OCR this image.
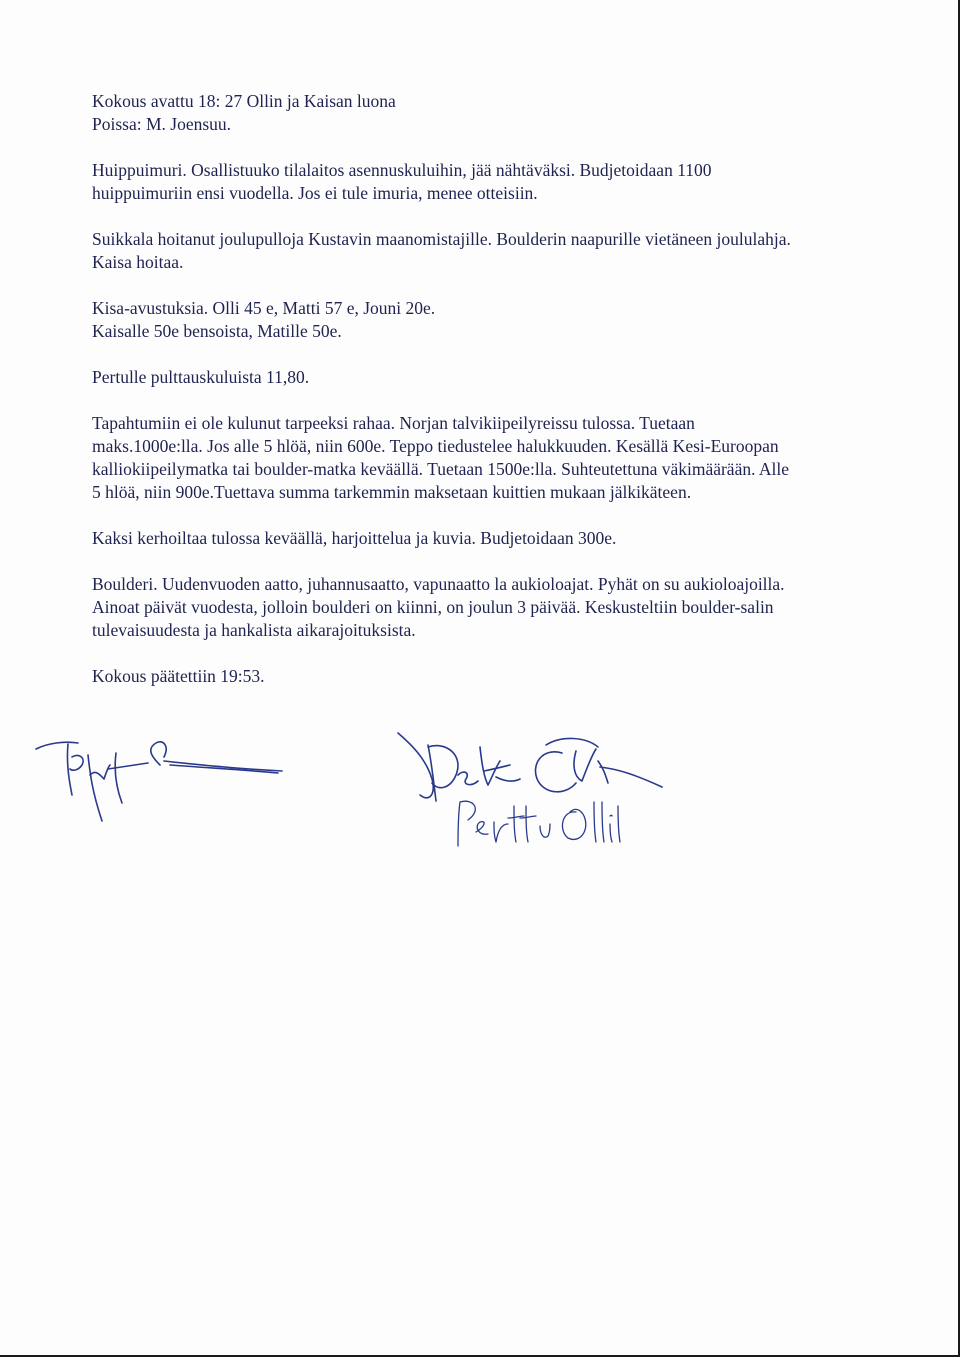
Kokous avattu 18: 27 Ollin ja Kaisan luona

Poissa: M. Joensuu.

Huippuimuri. Osallistuuko tilalaitos asennuskuluihin, jää nähtäväksi. Budjetoidaan 1100

huippuimuriin ensi vuodella. Jos ei tule imuria, menee otteisiin.

Suikkala hoitanut joulupulloja Kustavin maanomistajille. Boulderin naapurille vietäneen joululahja.

Kaisa hoitaa.

Kisa-avustuksia. Olli 45 e, Matti 57 e, Jouni 20e.

Kaisalle 50e bensoista, Matille 50e.

Pertulle pulttauskuluista 11,80.

Tapahtumiin ei ole kulunut tarpeeksi rahaa. Norjan talvikiipeilyreissu tulossa. Tuetaan

maks.1000e:lla. Jos alle 5 hlöä, niin 600e. Teppo tiedustelee halukkuuden. Kesällä Kesi-Euroopan

kalliokiipeilymatka tai boulder-matka keväällä. Tuetaan 1500e:lla. Suhteutettuna väkimäärään. Alle

5 hlöä, niin 900e.Tuettava summa tarkemmin maksetaan kuittien mukaan jälkikäteen.

Kaksi kerhoiltaa tulossa keväällä, harjoittelua ja kuvia. Budjetoidaan 300e.

Boulderi. Uudenvuoden aatto, juhannusaatto, vapunaatto la aukioloajat. Pyhät on su aukioloajoilla.

Ainoat päivät vuodesta, jolloin boulderi on kiinni, on joulun 3 päivää. Keskusteltiin boulder-salin

tulevaisuudesta ja hankalista aikarajoituksista.

Kokous päätettiin 19:53.
